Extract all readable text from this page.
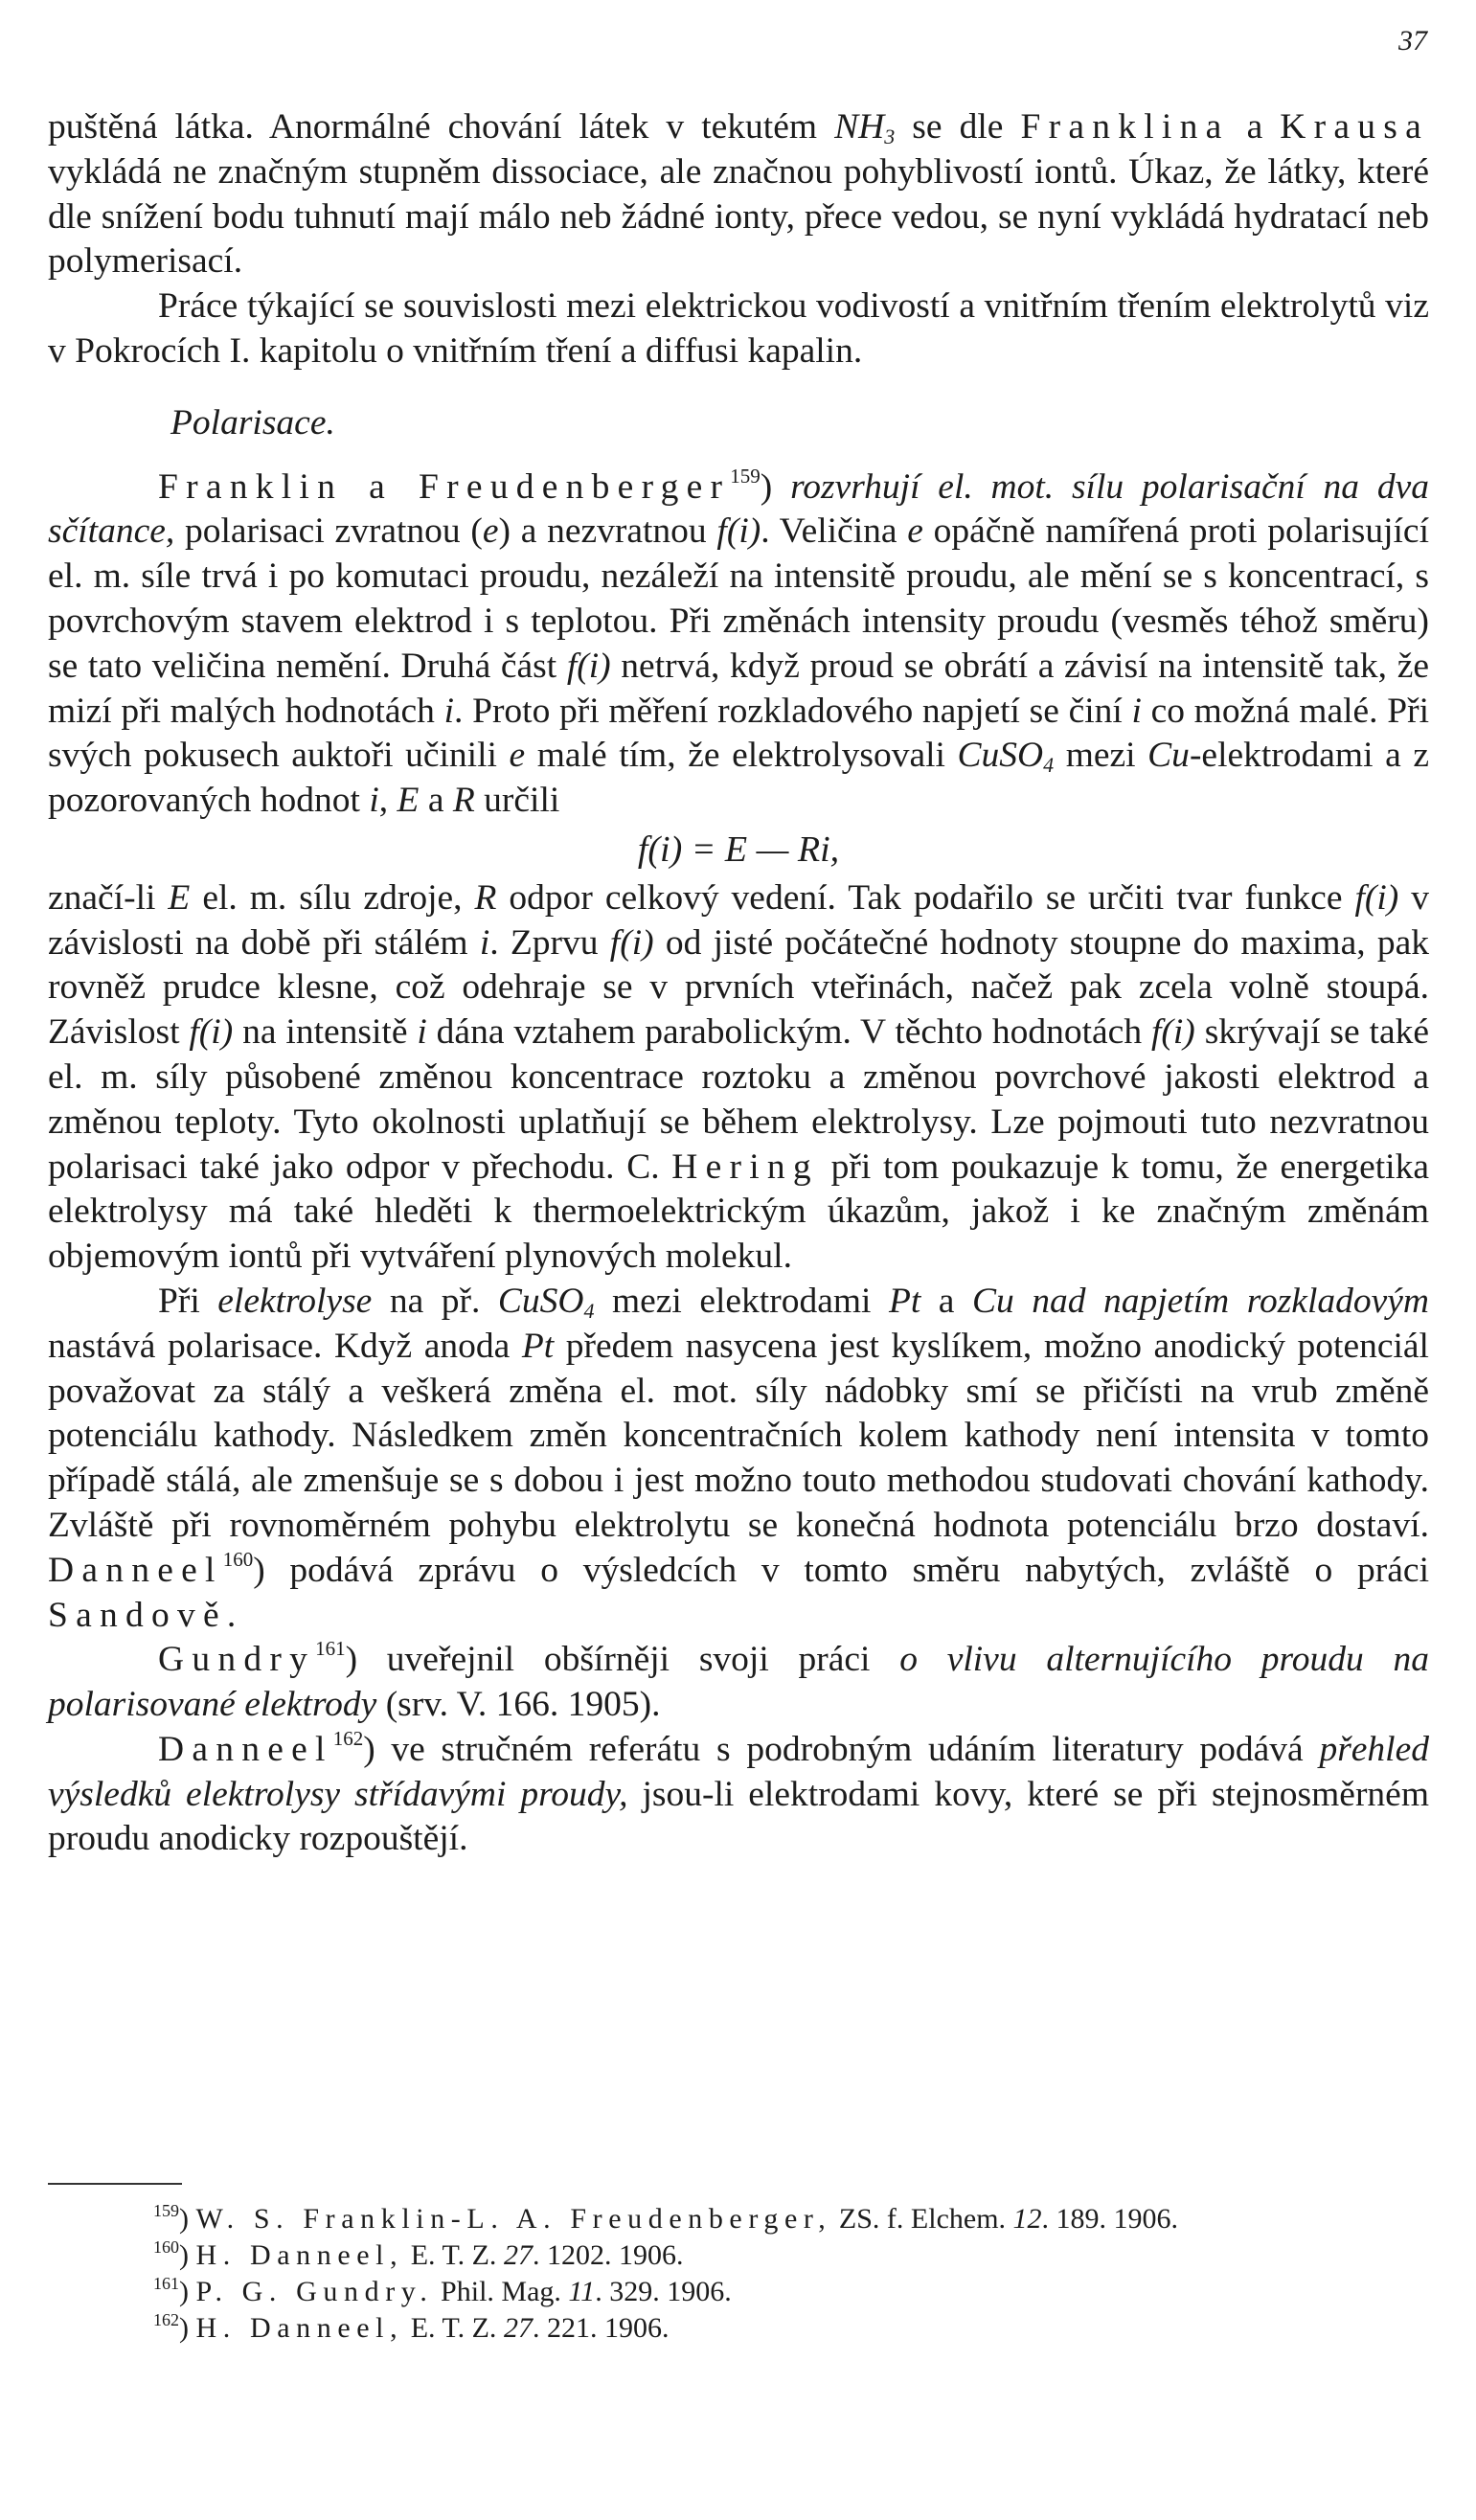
37

puštěná látka. Anormálné chování látek v tekutém $NH_3$ se dle Franklina a Krausa vykládá ne značným stupněm dissociace, ale značnou pohyblivostí iontů. Úkaz, že látky, které dle snížení bodu tuhnutí mají málo neb žádné ionty, přece vedou, se nyní vykládá hydratací neb polymerisací.

Práce týkající se souvislosti mezi elektrickou vodivostí a vnitřním třením elektrolytů viz v Pokrocích I. kapitolu o vnitřním tření a diffusi kapalin.

Polarisace.

Franklin a Freudenberger$^{159}$) rozvrhují el. mot. sílu polarisační na dva sčítance, polarisaci zvratnou (e) a nezvratnou f(i). Veličina e opáčně namířená proti polarisující el. m. síle trvá i po komutaci proudu, nezáleží na intensitě proudu, ale mění se s koncentrací, s povrchovým stavem elektrod i s teplotou. Při změnách intensity proudu (vesměs téhož směru) se tato veličina nemění. Druhá část f(i) netrvá, když proud se obrátí a závisí na intensitě tak, že mizí při malých hodnotách i. Proto při měření rozkladového napjetí se činí i co možná malé. Při svých pokusech auktoři učinili e malé tím, že elektrolysovali CuSO$_4$ mezi Cu-elektrodami a z pozorovaných hodnot i, E a R určili

f(i) = E — Ri,

značí-li E el. m. sílu zdroje, R odpor celkový vedení. Tak podařilo se určiti tvar funkce f(i) v závislosti na době při stálém i. Zprvu f(i) od jisté počátečné hodnoty stoupne do maxima, pak rovněž prudce klesne, což odehraje se v prvních vteřinách, načež pak zcela volně stoupá. Závislost f(i) na intensitě i dána vztahem parabolickým. V těchto hodnotách f(i) skrývají se také el. m. síly působené změnou koncentrace roztoku a změnou povrchové jakosti elektrod a změnou teploty. Tyto okolnosti uplatňují se během elektrolysy. Lze pojmouti tuto nezvratnou polarisaci také jako odpor v přechodu. C. Hering při tom poukazuje k tomu, že energetika elektrolysy má také hleděti k thermoelektrickým úkazům, jakož i ke značným změnám objemovým iontů při vytváření plynových molekul.

Při elektrolyse na př. CuSO$_4$ mezi elektrodami Pt a Cu nad napjetím rozkladovým nastává polarisace. Když anoda Pt předem nasycena jest kyslíkem, možno anodický potenciál považovat za stálý a veškerá změna el. mot. síly nádobky smí se přičísti na vrub změně potenciálu kathody. Následkem změn koncentračních kolem kathody není intensita v tomto případě stálá, ale zmenšuje se s dobou i jest možno touto methodou studovati chování kathody. Zvláště při rovnoměrném pohybu elektrolytu se konečná hodnota potenciálu brzo dostaví. Danneel$^{160}$) podává zprávu o výsledcích v tomto směru nabytých, zvláště o práci Sandově.

Gundry$^{161}$) uveřejnil obšírněji svoji práci o vlivu alternujícího proudu na polarisované elektrody (srv. V. 166. 1905).

Danneel$^{162}$) ve stručném referátu s podrobným udáním literatury podává přehled výsledků elektrolysy střídavými proudy, jsou-li elektrodami kovy, které se při stejnosměrném proudu anodicky rozpouštějí.

$^{159}$) W. S. Franklin-L. A. Freudenberger, ZS. f. Elchem. 12. 189. 1906.

$^{160}$) H. Danneel, E. T. Z. 27. 1202. 1906.

$^{161}$) P. G. Gundry. Phil. Mag. 11. 329. 1906.

$^{162}$) H. Danneel, E. T. Z. 27. 221. 1906.
